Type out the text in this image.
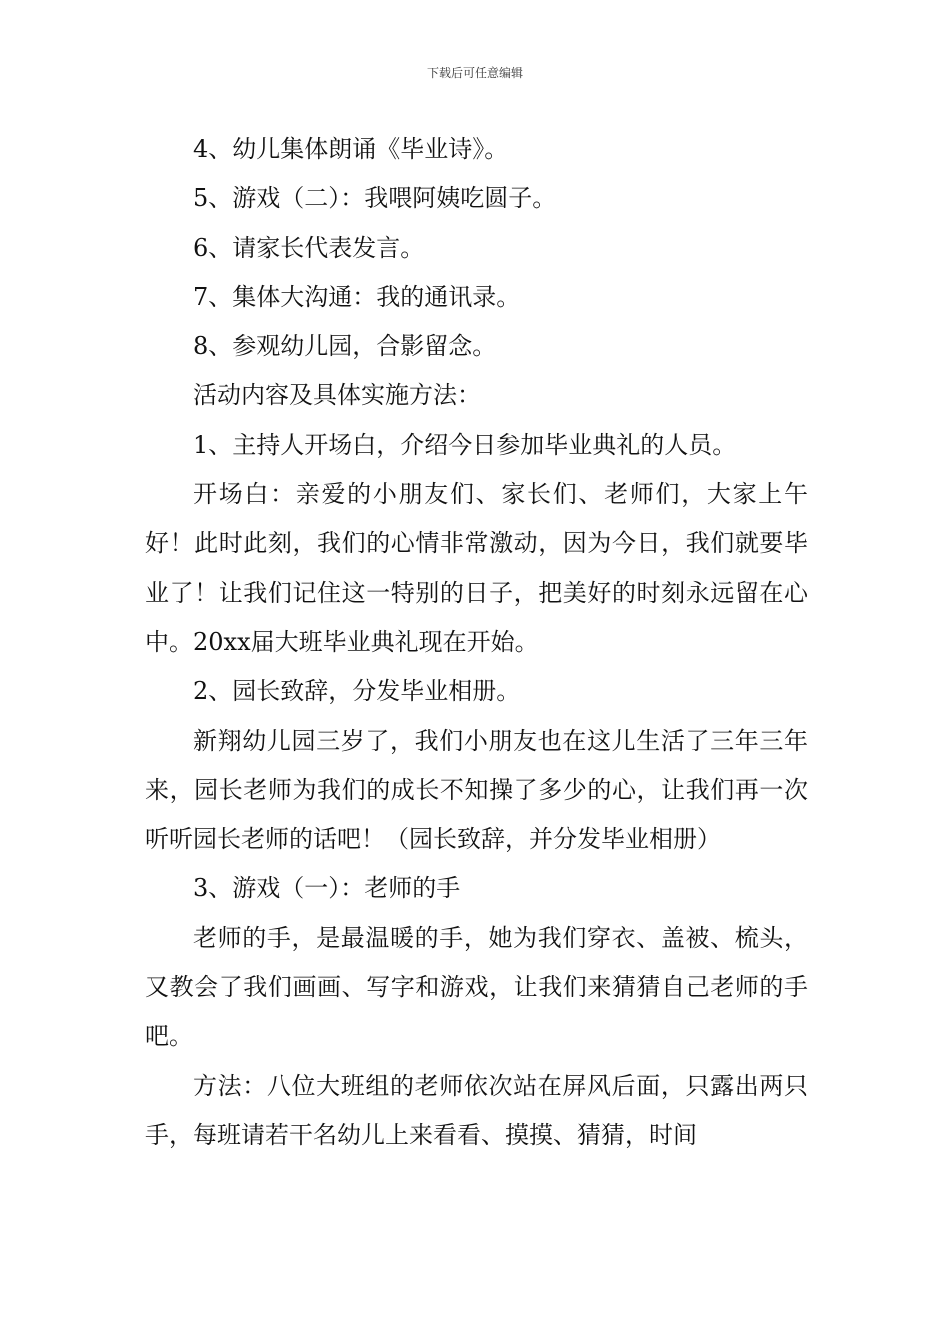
下载后可任意编辑

4、幼儿集体朗诵《毕业诗》。

5、游戏（二）：我喂阿姨吃圆子。

6、请家长代表发言。

7、集体大沟通：我的通讯录。

8、参观幼儿园，合影留念。

活动内容及具体实施方法：

1、主持人开场白，介绍今日参加毕业典礼的人员。

开场白：亲爱的小朋友们、家长们、老师们，大家上午好！此时此刻，我们的心情非常激动，因为今日，我们就要毕业了！让我们记住这一特别的日子，把美好的时刻永远留在心中。20xx届大班毕业典礼现在开始。

2、园长致辞，分发毕业相册。

新翔幼儿园三岁了，我们小朋友也在这儿生活了三年三年来，园长老师为我们的成长不知操了多少的心，让我们再一次听听园长老师的话吧！（园长致辞，并分发毕业相册）

3、游戏（一）：老师的手

老师的手，是最温暖的手，她为我们穿衣、盖被、梳头，又教会了我们画画、写字和游戏，让我们来猜猜自己老师的手吧。

方法：八位大班组的老师依次站在屏风后面，只露出两只手，每班请若干名幼儿上来看看、摸摸、猜猜，时间
